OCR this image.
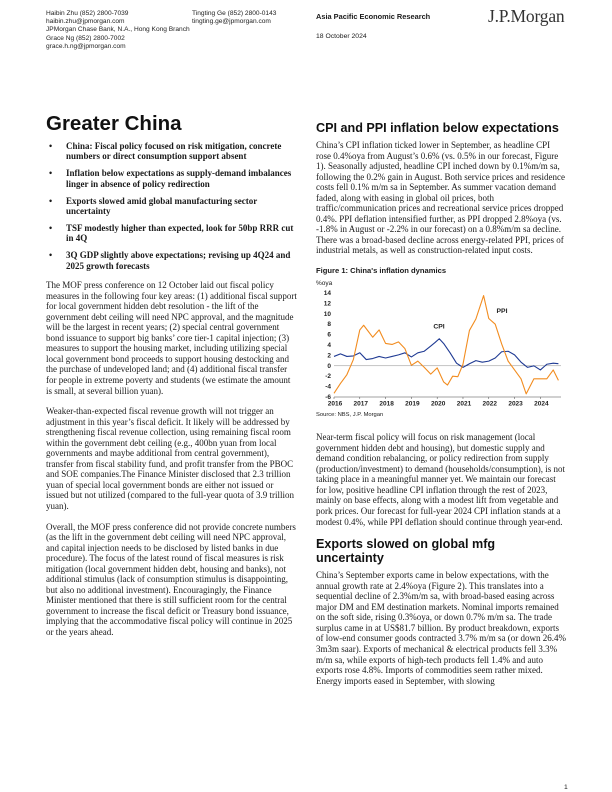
Haibin Zhu (852) 2800-7039
haibin.zhu@jpmorgan.com
JPMorgan Chase Bank, N.A., Hong Kong Branch
Tingting Ge (852) 2800-0143
tingting.ge@jpmorgan.com
Grace Ng (852) 2800-7002
grace.h.ng@jpmorgan.com
Asia Pacific Economic Research
18 October 2024
J.P.Morgan
Greater China
• China: Fiscal policy focused on risk mitigation, concrete numbers or direct consumption support absent
• Inflation below expectations as supply-demand imbalances linger in absence of policy redirection
• Exports slowed amid global manufacturing sector uncertainty
• TSF modestly higher than expected, look for 50bp RRR cut in 4Q
• 3Q GDP slightly above expectations; revising up 4Q24 and 2025 growth forecasts

The MOF press conference on 12 October laid out fiscal policy measures in the following four key areas: (1) additional fiscal support for local government hidden debt resolution - the lift of the government debt ceiling will need NPC approval, and the magnitude will be the largest in recent years; (2) special central government bond issuance to support big banks’ core tier-1 capital injection; (3) measures to support the housing market, including utilizing special local government bond proceeds to support housing destocking and the purchase of undeveloped land; and (4) additional fiscal transfer for people in extreme poverty and students (we estimate the amount is small, at several billion yuan).

Weaker-than-expected fiscal revenue growth will not trigger an adjustment in this year’s fiscal deficit. It likely will be addressed by strengthening fiscal revenue collection, using remaining fiscal room within the government debt ceiling (e.g., 400bn yuan from local governments and maybe additional from central government), transfer from fiscal stability fund, and profit transfer from the PBOC and SOE companies.The Finance Minister disclosed that 2.3 trillion yuan of special local government bonds are either not issued or issued but not utilized (compared to the full-year quota of 3.9 trillion yuan).

Overall, the MOF press conference did not provide concrete numbers (as the lift in the government debt ceiling will need NPC approval, and capital injection needs to be disclosed by listed banks in due procedure). The focus of the latest round of fiscal measures is risk mitigation (local government hidden debt, housing and banks), not additional stimulus (lack of consumption stimulus is disappointing, but also no additional investment). Encouragingly, the Finance Minister mentioned that there is still sufficient room for the central government to increase the fiscal deficit or Treasury bond issuance, implying that the accommodative fiscal policy will continue in 2025 or the years ahead.

CPI and PPI inflation below expectations

China’s CPI inflation ticked lower in September, as headline CPI rose 0.4%oya from August’s 0.6% (vs. 0.5% in our forecast, Figure 1). Seasonally adjusted, headline CPI inched down by 0.1%m/m sa, following the 0.2% gain in August. Both service prices and residence costs fell 0.1% m/m sa in September. As summer vacation demand faded, along with easing in global oil prices, both traffic/communication prices and recreational service prices dropped 0.4%. PPI deflation intensified further, as PPI dropped 2.8%oya (vs. -1.8% in August or -2.2% in our forecast) on a 0.8%m/m sa decline. There was a broad-based decline across energy-related PPI, prices of industrial metals, as well as construction-related input costs.

Figure 1: China's inflation dynamics
%oya
14
12
10
8
6
4
2
0
-2
-4
-6
2016 2017 2018 2019 2020 2021 2022 2023 2024
CPI
PPI
Source: NBS, J.P. Morgan

Near-term fiscal policy will focus on risk management (local government hidden debt and housing), but domestic supply and demand condition rebalancing, or policy redirection from supply (production/investment) to demand (households/consumption), is not taking place in a meaningful manner yet. We maintain our forecast for low, positive headline CPI inflation through the rest of 2023, mainly on base effects, along with a modest lift from vegetable and pork prices. Our forecast for full-year 2024 CPI inflation stands at a modest 0.4%, while PPI deflation should continue through year-end.

Exports slowed on global mfg uncertainty

China’s September exports came in below expectations, with the annual growth rate at 2.4%oya (Figure 2). This translates into a sequential decline of 2.3%m/m sa, with broad-based easing across major DM and EM destination markets. Nominal imports remained on the soft side, rising 0.3%oya, or down 0.7% m/m sa. The trade surplus came in at US$81.7 billion. By product breakdown, exports of low-end consumer goods contracted 3.7% m/m sa (or down 26.4% 3m3m saar). Exports of mechanical & electrical products fell 3.3% m/m sa, while exports of high-tech products fell 1.4% and auto exports rose 4.8%. Imports of commodities seem rather mixed. Energy imports eased in September, with slowing

1
